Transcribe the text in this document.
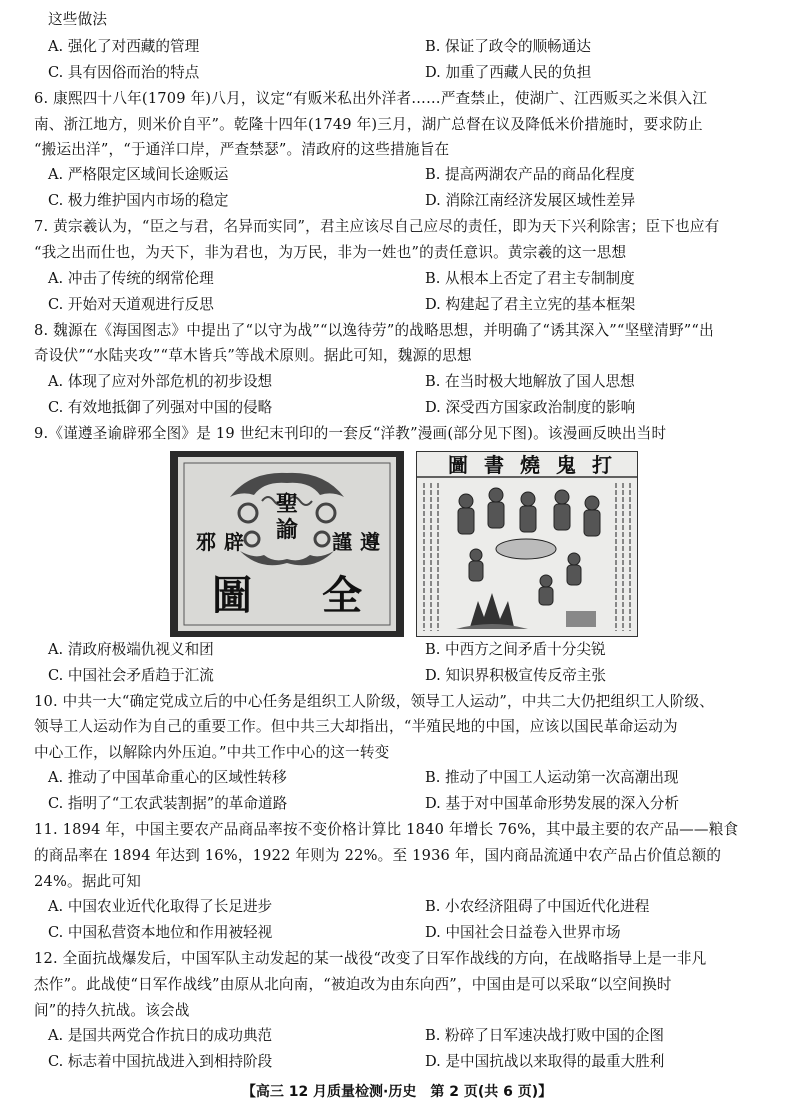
这些做法
A. 强化了对西藏的管理	B. 保证了政令的顺畅通达
C. 具有因俗而治的特点	D. 加重了西藏人民的负担
6. 康熙四十八年(1709 年)八月，议定“有贩米私出外洋者……严查禁止，使湖广、江西贩买之米俱入江
南、浙江地方，则米价自平”。乾隆十四年(1749 年)三月，湖广总督在议及降低米价措施时，要求防止
“搬运出洋”，“于通洋口岸，严查禁瑟”。清政府的这些措施旨在
A. 严格限定区域间长途贩运	B. 提高两湖农产品的商品化程度
C. 极力维护国内市场的稳定	D. 消除江南经济发展区域性差异
7. 黄宗羲认为，“臣之与君，名异而实同”，君主应该尽自己应尽的责任，即为天下兴利除害；臣下也应有
“我之出而仕也，为天下，非为君也，为万民，非为一姓也”的责任意识。黄宗羲的这一思想
A. 冲击了传统的纲常伦理	B. 从根本上否定了君主专制制度
C. 开始对天道观进行反思	D. 构建起了君主立宪的基本框架
8. 魏源在《海国图志》中提出了“以守为战”“以逸待劳”的战略思想，并明确了“诱其深入”“坚壁清野”“出
奇设伏”“水陆夹攻”“草木皆兵”等战术原则。据此可知，魏源的思想
A. 体现了应对外部危机的初步设想	B. 在当时极大地解放了国人思想
C. 有效地抵御了列强对中国的侵略	D. 深受西方国家政治制度的影响
9.《谨遵圣谕辟邪全图》是 19 世纪末刊印的一套反“洋教”漫画(部分见下图)。该漫画反映出当时
聖
諭
邪 辟	謹 遵
圖 全
打
鬼
燒
書
圖
A. 清政府极端仇视义和团	B. 中西方之间矛盾十分尖锐
C. 中国社会矛盾趋于汇流	D. 知识界积极宣传反帝主张
10. 中共一大“确定党成立后的中心任务是组织工人阶级，领导工人运动”，中共二大仍把组织工人阶级、
领导工人运动作为自己的重要工作。但中共三大却指出，“半殖民地的中国，应该以国民革命运动为
中心工作，以解除内外压迫。”中共工作中心的这一转变
A. 推动了中国革命重心的区域性转移	B. 推动了中国工人运动第一次高潮出现
C. 指明了“工农武装割据”的革命道路	D. 基于对中国革命形势发展的深入分析
11. 1894 年，中国主要农产品商品率按不变价格计算比 1840 年增长 76%，其中最主要的农产品——粮食
的商品率在 1894 年达到 16%，1922 年则为 22%。至 1936 年，国内商品流通中农产品占价值总额的
24%。据此可知
A. 中国农业近代化取得了长足进步	B. 小农经济阻碍了中国近代化进程
C. 中国私营资本地位和作用被轻视	D. 中国社会日益卷入世界市场
12. 全面抗战爆发后，中国军队主动发起的某一战役“改变了日军作战线的方向，在战略指导上是一非凡
杰作”。此战使“日军作战线”由原从北向南，“被迫改为由东向西”，中国由是可以采取“以空间换时
间”的持久抗战。该会战
A. 是国共两党合作抗日的成功典范	B. 粉碎了日军速决战打败中国的企图
C. 标志着中国抗战进入到相持阶段	D. 是中国抗战以来取得的最重大胜利
【高三 12 月质量检测·历史　第 2 页(共 6 页)】
